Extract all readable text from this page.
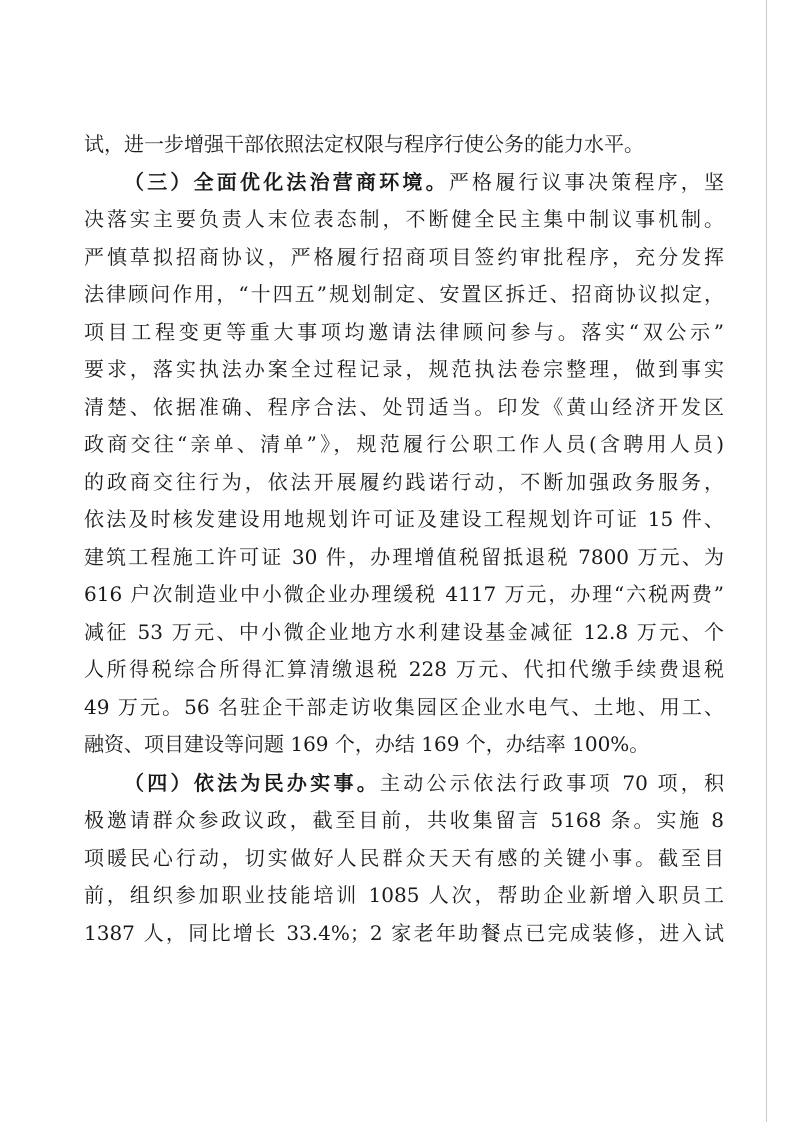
试，进一步增强干部依照法定权限与程序行使公务的能力水平。
（三）全面优化法治营商环境。严格履行议事决策程序，坚
决落实主要负责人末位表态制，不断健全民主集中制议事机制。
严慎草拟招商协议，严格履行招商项目签约审批程序，充分发挥
法律顾问作用，“十四五”规划制定、安置区拆迁、招商协议拟定，
项目工程变更等重大事项均邀请法律顾问参与。落实“双公示”
要求，落实执法办案全过程记录，规范执法卷宗整理，做到事实
清楚、依据准确、程序合法、处罚适当。印发《黄山经济开发区
政商交往“亲单、清单”》，规范履行公职工作人员(含聘用人员)
的政商交往行为，依法开展履约践诺行动，不断加强政务服务，
依法及时核发建设用地规划许可证及建设工程规划许可证 15 件、
建筑工程施工许可证 30 件，办理增值税留抵退税 7800 万元、为
616 户次制造业中小微企业办理缓税 4117 万元，办理“六税两费”
减征 53 万元、中小微企业地方水利建设基金减征 12.8 万元、个
人所得税综合所得汇算清缴退税 228 万元、代扣代缴手续费退税
49 万元。56 名驻企干部走访收集园区企业水电气、土地、用工、
融资、项目建设等问题 169 个，办结 169 个，办结率 100%。
（四）依法为民办实事。主动公示依法行政事项 70 项，积
极邀请群众参政议政，截至目前，共收集留言 5168 条。实施 8
项暖民心行动，切实做好人民群众天天有感的关键小事。截至目
前，组织参加职业技能培训 1085 人次，帮助企业新增入职员工
1387 人，同比增长 33.4%；2 家老年助餐点已完成装修，进入试
